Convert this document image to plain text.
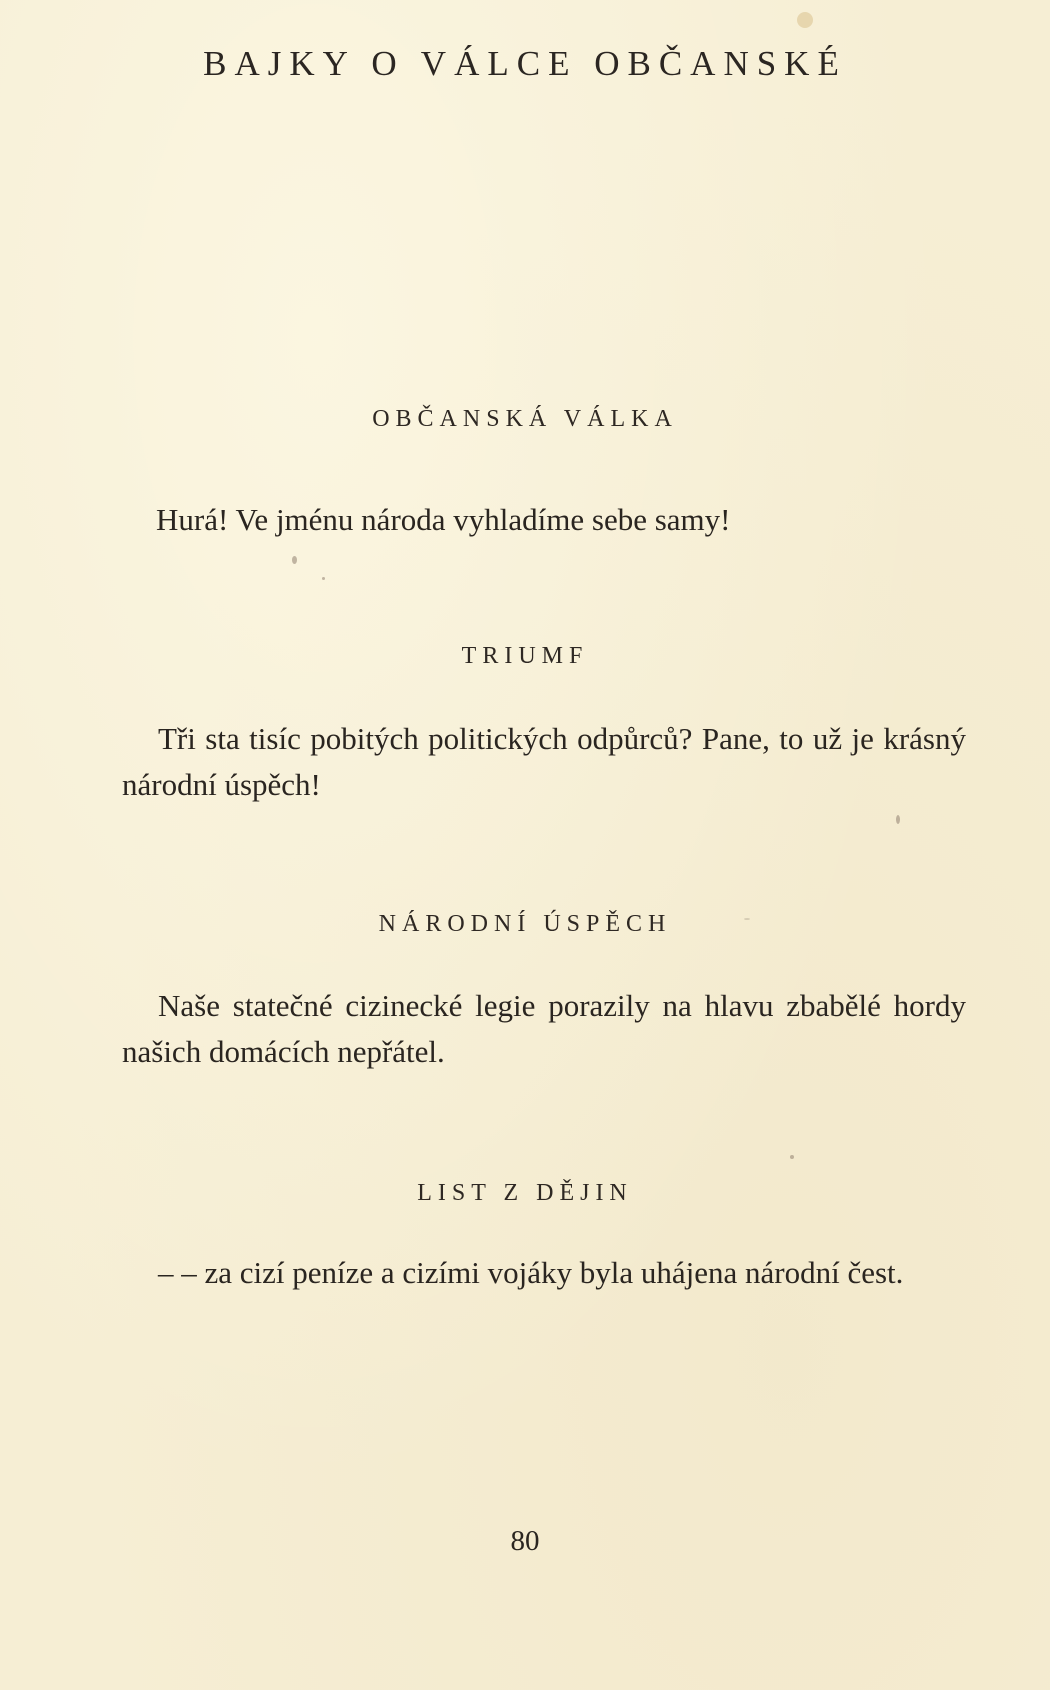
BAJKY O VÁLCE OBČANSKÉ
OBČANSKÁ VÁLKA
Hurá! Ve jménu národa vyhladíme sebe samy!
TRIUMF
Tři sta tisíc pobitých politických odpůrců? Pane, to už je krásný národní úspěch!
NÁRODNÍ ÚSPĚCH
Naše statečné cizinecké legie porazily na hlavu zbabělé hordy našich domácích nepřátel.
LIST Z DĚJIN
– – za cizí peníze a cizími vojáky byla uhájena národní čest.
80
